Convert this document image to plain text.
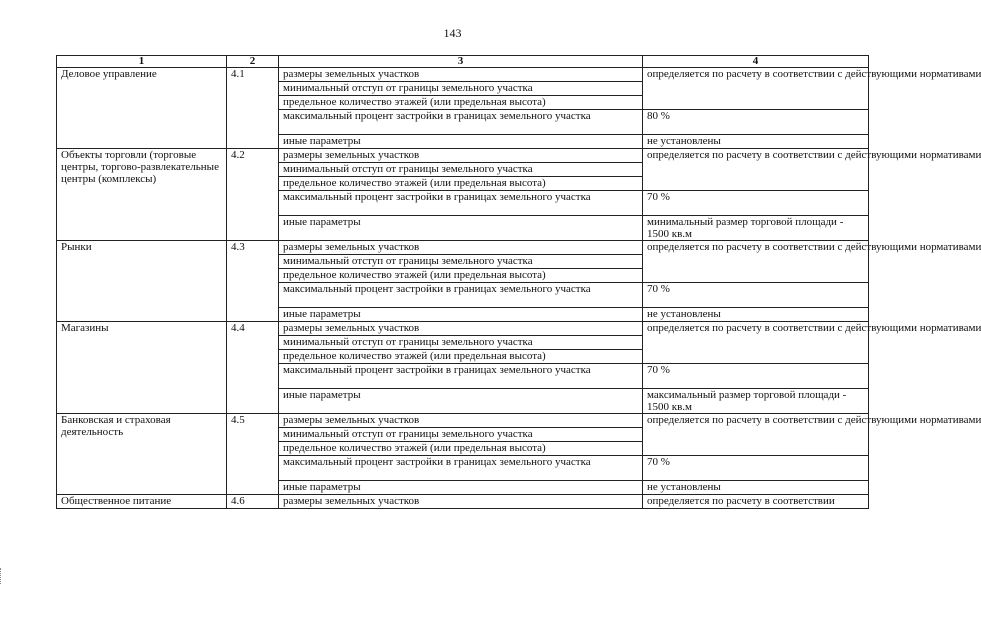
143
1	2	3	4
Деловое управление	4.1	размеры земельных участков	определяется по расчету в соответствии с действующими нормативами
		минимальный отступ от границы земельного участка	
		предельное количество этажей (или предельная высота)	
		максимальный процент застройки в границах земельного участка	80 %
		иные параметры	не установлены
Объекты торговли (торговые центры, торгово-развлекательные центры (комплексы)	4.2	размеры земельных участков	определяется по расчету в соответствии с действующими нормативами
		минимальный отступ от границы земельного участка	
		предельное количество этажей (или предельная высота)	
		максимальный процент застройки в границах земельного участка	70 %
		иные параметры	минимальный размер торговой площади - 1500 кв.м
Рынки	4.3	размеры земельных участков	определяется по расчету в соответствии с действующими нормативами
		минимальный отступ от границы земельного участка	
		предельное количество этажей (или предельная высота)	
		максимальный процент застройки в границах земельного участка	70 %
		иные параметры	не установлены
Магазины	4.4	размеры земельных участков	определяется по расчету в соответствии с действующими нормативами
		минимальный отступ от границы земельного участка	
		предельное количество этажей (или предельная высота)	
		максимальный процент застройки в границах земельного участка	70 %
		иные параметры	максимальный размер торговой площади - 1500 кв.м
Банковская и страховая деятельность	4.5	размеры земельных участков	определяется по расчету в соответствии с действующими нормативами
		минимальный отступ от границы земельного участка	
		предельное количество этажей (или предельная высота)	
		максимальный процент застройки в границах земельного участка	70 %
		иные параметры	не установлены
Общественное питание	4.6	размеры земельных участков	определяется по расчету в соответствии
